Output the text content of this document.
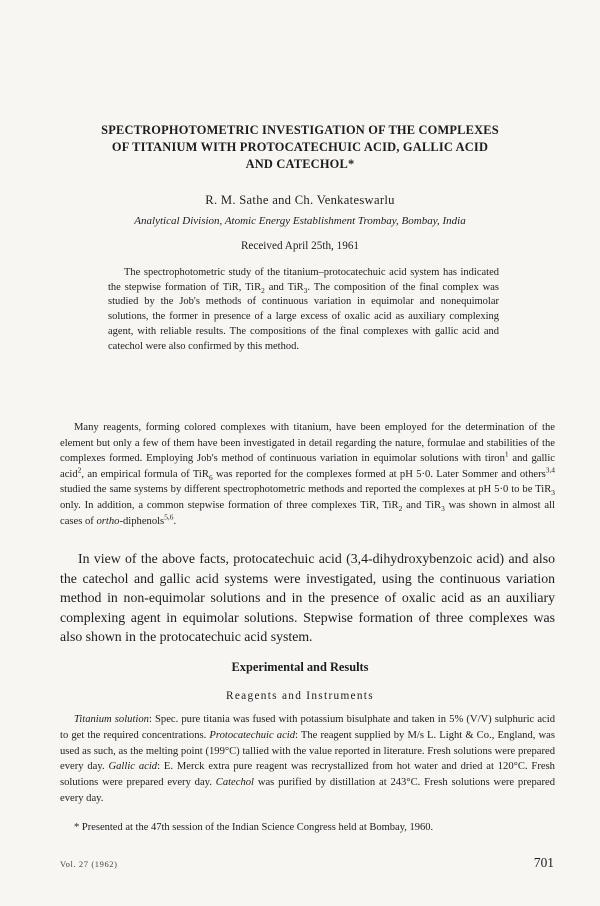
SPECTROPHOTOMETRIC INVESTIGATION OF THE COMPLEXES
OF TITANIUM WITH PROTOCATECHUIC ACID, GALLIC ACID
AND CATECHOL*
R. M. Sathe and Ch. Venkateswarlu
Analytical Division, Atomic Energy Establishment Trombay, Bombay, India
Received April 25th, 1961

The spectrophotometric study of the titanium–protocatechuic acid system has indicated the stepwise formation of TiR, TiR$_2$ and TiR$_3$. The composition of the final complex was studied by the Job's methods of continuous variation in equimolar and nonequimolar solutions, the former in presence of a large excess of oxalic acid as auxiliary complexing agent, with reliable results. The compositions of the final complexes with gallic acid and catechol were also confirmed by this method.

Many reagents, forming colored complexes with titanium, have been employed for the determination of the element but only a few of them have been investigated in detail regarding the nature, formulae and stabilities of the complexes formed. Employing Job's method of continuous variation in equimolar solutions with tiron$^1$ and gallic acid$^2$, an empirical formula of TiR$_6$ was reported for the complexes formed at pH 5·0. Later Sommer and others$^{3,4}$ studied the same systems by different spectrophotometric methods and reported the complexes at pH 5·0 to be TiR$_3$ only. In addition, a common stepwise formation of three complexes TiR, TiR$_2$ and TiR$_3$ was shown in almost all cases of ortho-diphenols$^{5,6}$.

In view of the above facts, protocatechuic acid (3,4-dihydroxybenzoic acid) and also the catechol and gallic acid systems were investigated, using the continuous variation method in non-equimolar solutions and in the presence of oxalic acid as an auxiliary complexing agent in equimolar solutions. Stepwise formation of three complexes was also shown in the protocatechuic acid system.

Experimental and Results
Reagents and Instruments

Titanium solution: Spec. pure titania was fused with potassium bisulphate and taken in 5% (V/V) sulphuric acid to get the required concentrations. Protocatechuic acid: The reagent supplied by M/s L. Light & Co., England, was used as such, as the melting point (199°C) tallied with the value reported in literature. Fresh solutions were prepared every day. Gallic acid: E. Merck extra pure reagent was recrystallized from hot water and dried at 120°C. Fresh solutions were prepared every day. Catechol was purified by distillation at 243°C. Fresh solutions were prepared every day.

* Presented at the 47th session of the Indian Science Congress held at Bombay, 1960.

Vol. 27 (1962)	701
